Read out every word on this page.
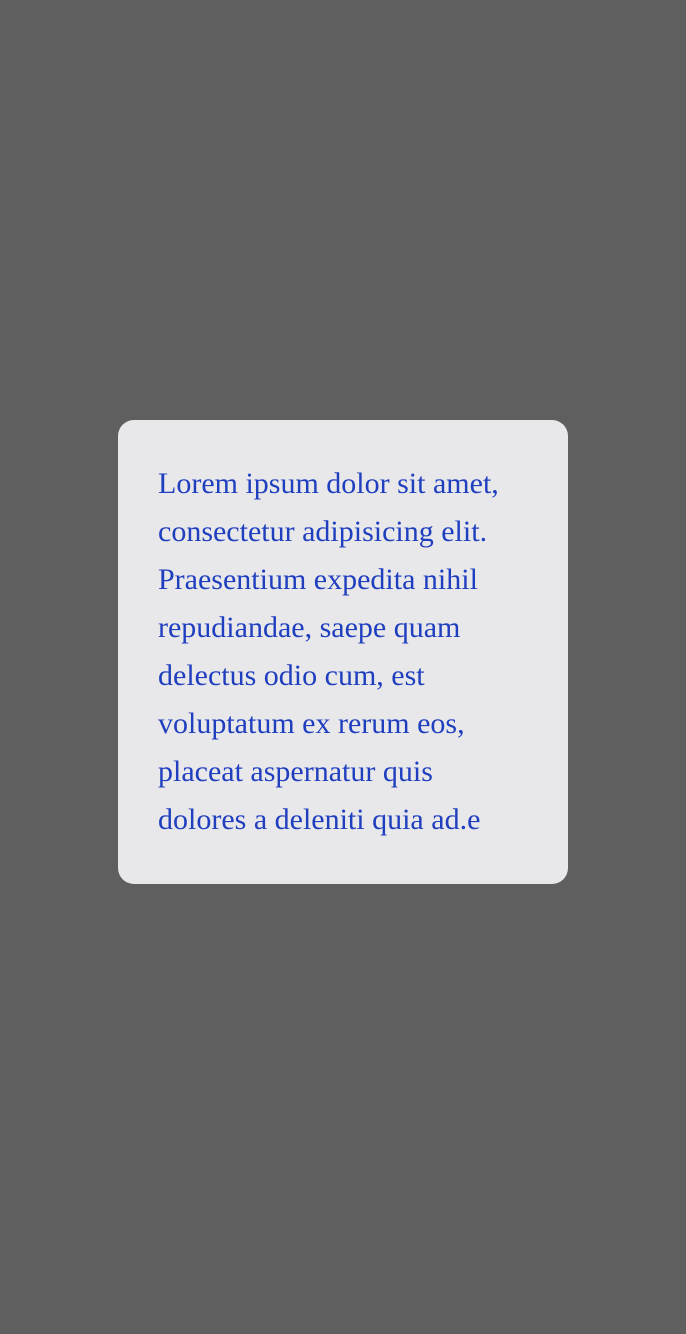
Lorem ipsum dolor sit amet, consectetur adipisicing elit. Praesentium expedita nihil repudiandae, saepe quam delectus odio cum, est voluptatum ex rerum eos, placeat aspernatur quis dolores a deleniti quia ad.e
